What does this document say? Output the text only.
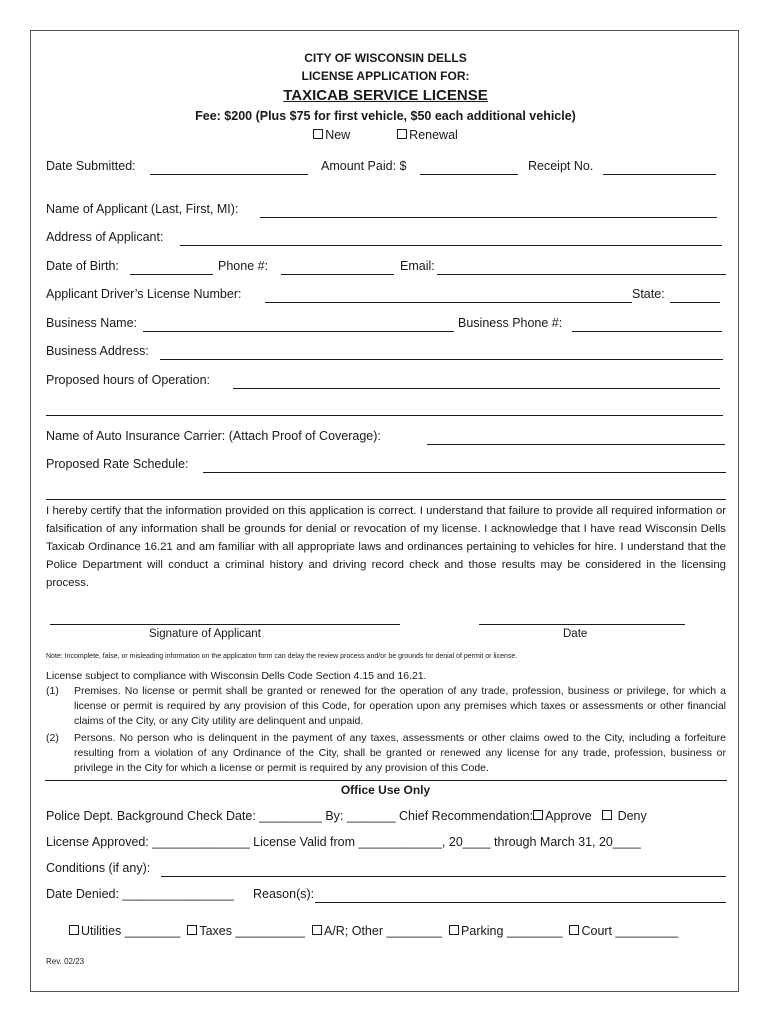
CITY OF WISCONSIN DELLS
LICENSE APPLICATION FOR:
TAXICAB SERVICE LICENSE
Fee: $200 (Plus $75 for first vehicle, $50 each additional vehicle)
New	Renewal
Date Submitted:	Amount Paid: $	Receipt No.
Name of Applicant (Last, First, MI):
Address of Applicant:
Date of Birth:	Phone #:	Email:
Applicant Driver’s License Number:	State:
Business Name:	Business Phone #:
Business Address:
Proposed hours of Operation:
Name of Auto Insurance Carrier: (Attach Proof of Coverage):
Proposed Rate Schedule:
I hereby certify that the information provided on this application is correct. I understand that failure to provide all required information or falsification of any information shall be grounds for denial or revocation of my license. I acknowledge that I have read Wisconsin Dells Taxicab Ordinance 16.21 and am familiar with all appropriate laws and ordinances pertaining to vehicles for hire. I understand that the Police Department will conduct a criminal history and driving record check and those results may be considered in the licensing process.
Signature of Applicant	Date
Note: Incomplete, false, or misleading information on the application form can delay the review process and/or be grounds for denial of permit or license.
License subject to compliance with Wisconsin Dells Code Section 4.15 and 16.21.
(1) Premises. No license or permit shall be granted or renewed for the operation of any trade, profession, business or privilege, for which a license or permit is required by any provision of this Code, for operation upon any premises which taxes or assessments or other financial claims of the City, or any City utility are delinquent and unpaid.
(2) Persons. No person who is delinquent in the payment of any taxes, assessments or other claims owed to the City, including a forfeiture resulting from a violation of any Ordinance of the City, shall be granted or renewed any license for any trade, profession, business or privilege in the City for which a license or permit is required by any provision of this Code.
Office Use Only
Police Dept. Background Check Date: _________ By: _______ Chief Recommendation: Approve Deny
License Approved: ______________ License Valid from ____________, 20____ through March 31, 20____
Conditions (if any):
Date Denied: ________________ Reason(s):
Utilities ________ Taxes __________ A/R; Other ________ Parking ________ Court _________
Rev. 02/23
